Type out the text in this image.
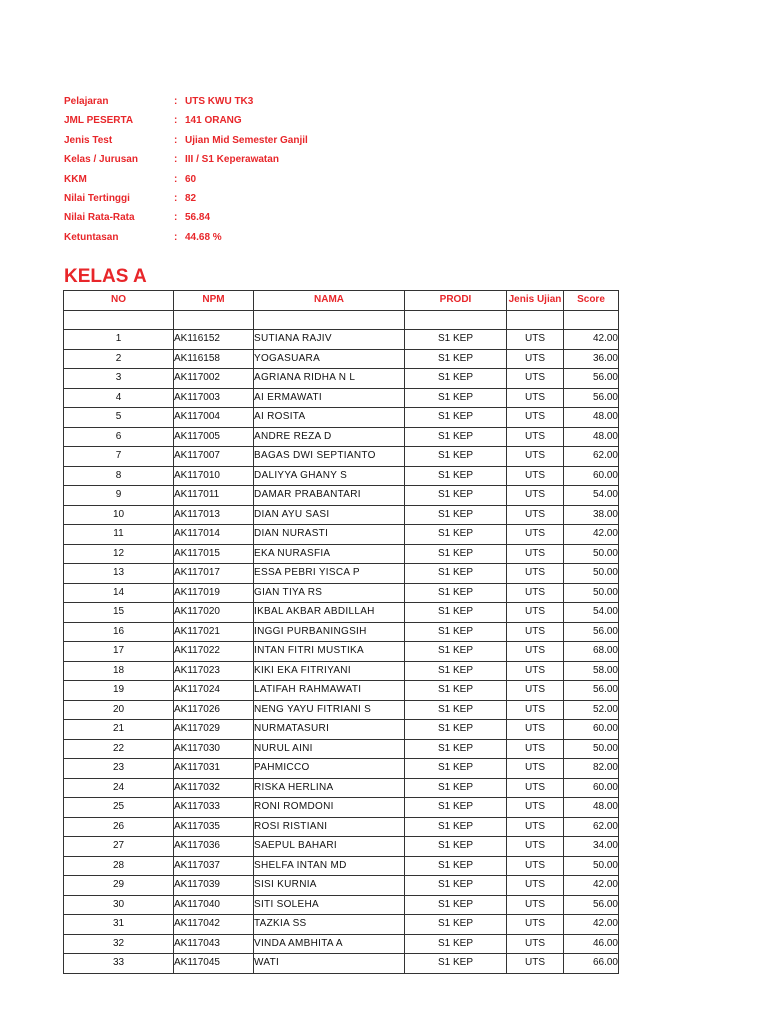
Pelajaran	: UTS KWU TK3
JML PESERTA	: 141 ORANG
Jenis Test	: Ujian Mid Semester Ganjil
Kelas / Jurusan	: III / S1 Keperawatan
KKM	: 60
Nilai Tertinggi	: 82
Nilai Rata-Rata	: 56.84
Ketuntasan	: 44.68 %
KELAS A
NO	NPM	NAMA	PRODI	Jenis Ujian	Score

1	AK116152	SUTIANA RAJIV	S1 KEP	UTS	42.00
2	AK116158	YOGASUARA	S1 KEP	UTS	36.00
3	AK117002	AGRIANA RIDHA N L	S1 KEP	UTS	56.00
4	AK117003	AI ERMAWATI	S1 KEP	UTS	56.00
5	AK117004	AI ROSITA	S1 KEP	UTS	48.00
6	AK117005	ANDRE REZA D	S1 KEP	UTS	48.00
7	AK117007	BAGAS DWI SEPTIANTO	S1 KEP	UTS	62.00
8	AK117010	DALIYYA GHANY S	S1 KEP	UTS	60.00
9	AK117011	DAMAR PRABANTARI	S1 KEP	UTS	54.00
10	AK117013	DIAN AYU SASI	S1 KEP	UTS	38.00
11	AK117014	DIAN NURASTI	S1 KEP	UTS	42.00
12	AK117015	EKA NURASFIA	S1 KEP	UTS	50.00
13	AK117017	ESSA PEBRI YISCA P	S1 KEP	UTS	50.00
14	AK117019	GIAN TIYA RS	S1 KEP	UTS	50.00
15	AK117020	IKBAL AKBAR ABDILLAH	S1 KEP	UTS	54.00
16	AK117021	INGGI PURBANINGSIH	S1 KEP	UTS	56.00
17	AK117022	INTAN FITRI MUSTIKA	S1 KEP	UTS	68.00
18	AK117023	KIKI EKA FITRIYANI	S1 KEP	UTS	58.00
19	AK117024	LATIFAH RAHMAWATI	S1 KEP	UTS	56.00
20	AK117026	NENG YAYU FITRIANI S	S1 KEP	UTS	52.00
21	AK117029	NURMATASURI	S1 KEP	UTS	60.00
22	AK117030	NURUL AINI	S1 KEP	UTS	50.00
23	AK117031	PAHMICCO	S1 KEP	UTS	82.00
24	AK117032	RISKA HERLINA	S1 KEP	UTS	60.00
25	AK117033	RONI ROMDONI	S1 KEP	UTS	48.00
26	AK117035	ROSI RISTIANI	S1 KEP	UTS	62.00
27	AK117036	SAEPUL BAHARI	S1 KEP	UTS	34.00
28	AK117037	SHELFA INTAN MD	S1 KEP	UTS	50.00
29	AK117039	SISI KURNIA	S1 KEP	UTS	42.00
30	AK117040	SITI SOLEHA	S1 KEP	UTS	56.00
31	AK117042	TAZKIA SS	S1 KEP	UTS	42.00
32	AK117043	VINDA AMBHITA A	S1 KEP	UTS	46.00
33	AK117045	WATI	S1 KEP	UTS	66.00
